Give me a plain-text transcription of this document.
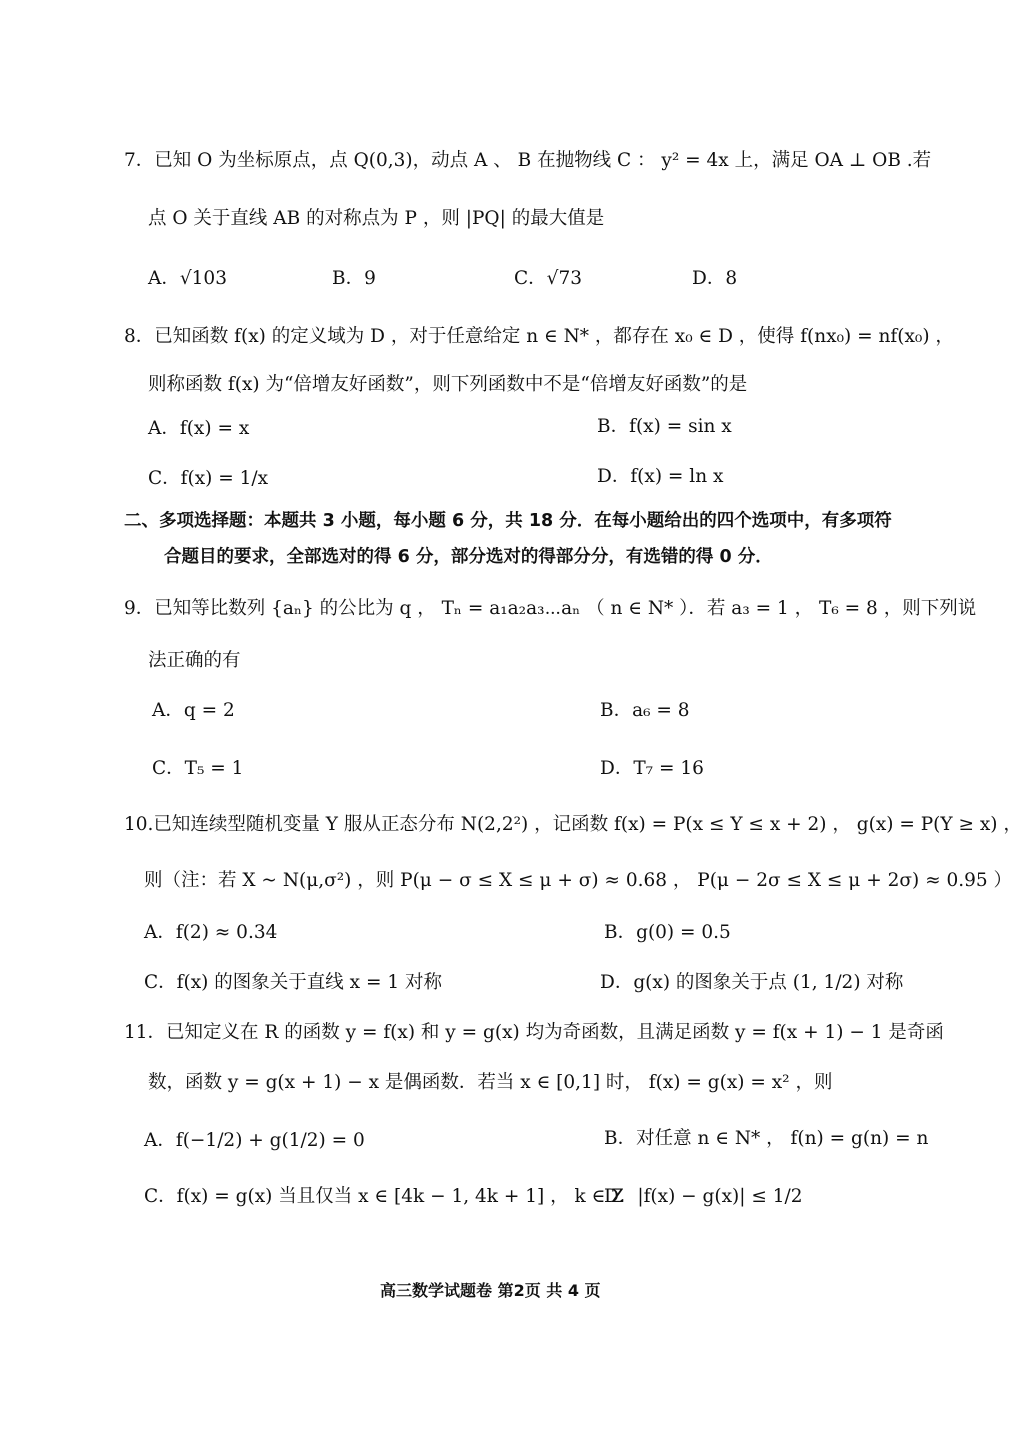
7．已知 O 为坐标原点，点 Q(0,3)，动点 A 、 B 在抛物线 C ： y² = 4x 上，满足 OA ⊥ OB .若
点 O 关于直线 AB 的对称点为 P ，则 |PQ| 的最大值是
A．√103	B．9	C．√73	D．8
8．已知函数 f(x) 的定义域为 D ，对于任意给定 n ∈ N* ，都存在 x₀ ∈ D ，使得 f(nx₀) = nf(x₀) ，
则称函数 f(x) 为“倍增友好函数”，则下列函数中不是“倍增友好函数”的是
A．f(x) = x	B．f(x) = sin x
C．f(x) = 1/x	D．f(x) = ln x
二、多项选择题：本题共 3 小题，每小题 6 分，共 18 分．在每小题给出的四个选项中，有多项符
合题目的要求，全部选对的得 6 分，部分选对的得部分分，有选错的得 0 分．
9．已知等比数列 {aₙ} 的公比为 q ， Tₙ = a₁a₂a₃⋯aₙ （ n ∈ N* ）．若 a₃ = 1 ， T₆ = 8 ，则下列说
法正确的有
A．q = 2	B．a₆ = 8
C．T₅ = 1	D．T₇ = 16
10.已知连续型随机变量 Y 服从正态分布 N(2,2²) ，记函数 f(x) = P(x ≤ Y ≤ x + 2) ， g(x) = P(Y ≥ x) ，
则（注：若 X ~ N(μ,σ²) ，则 P(μ − σ ≤ X ≤ μ + σ) ≈ 0.68 ， P(μ − 2σ ≤ X ≤ μ + 2σ) ≈ 0.95 ）
A．f(2) ≈ 0.34	B．g(0) = 0.5
C．f(x) 的图象关于直线 x = 1 对称	D．g(x) 的图象关于点 (1, 1/2) 对称
11．已知定义在 R 的函数 y = f(x) 和 y = g(x) 均为奇函数，且满足函数 y = f(x + 1) − 1 是奇函
数，函数 y = g(x + 1) − x 是偶函数．若当 x ∈ [0,1] 时， f(x) = g(x) = x² ，则
A．f(−1/2) + g(1/2) = 0	B．对任意 n ∈ N* ， f(n) = g(n) = n
C．f(x) = g(x) 当且仅当 x ∈ [4k − 1, 4k + 1] ， k ∈ Z
D．|f(x) − g(x)| ≤ 1/2
高三数学试题卷 第2页 共 4 页
